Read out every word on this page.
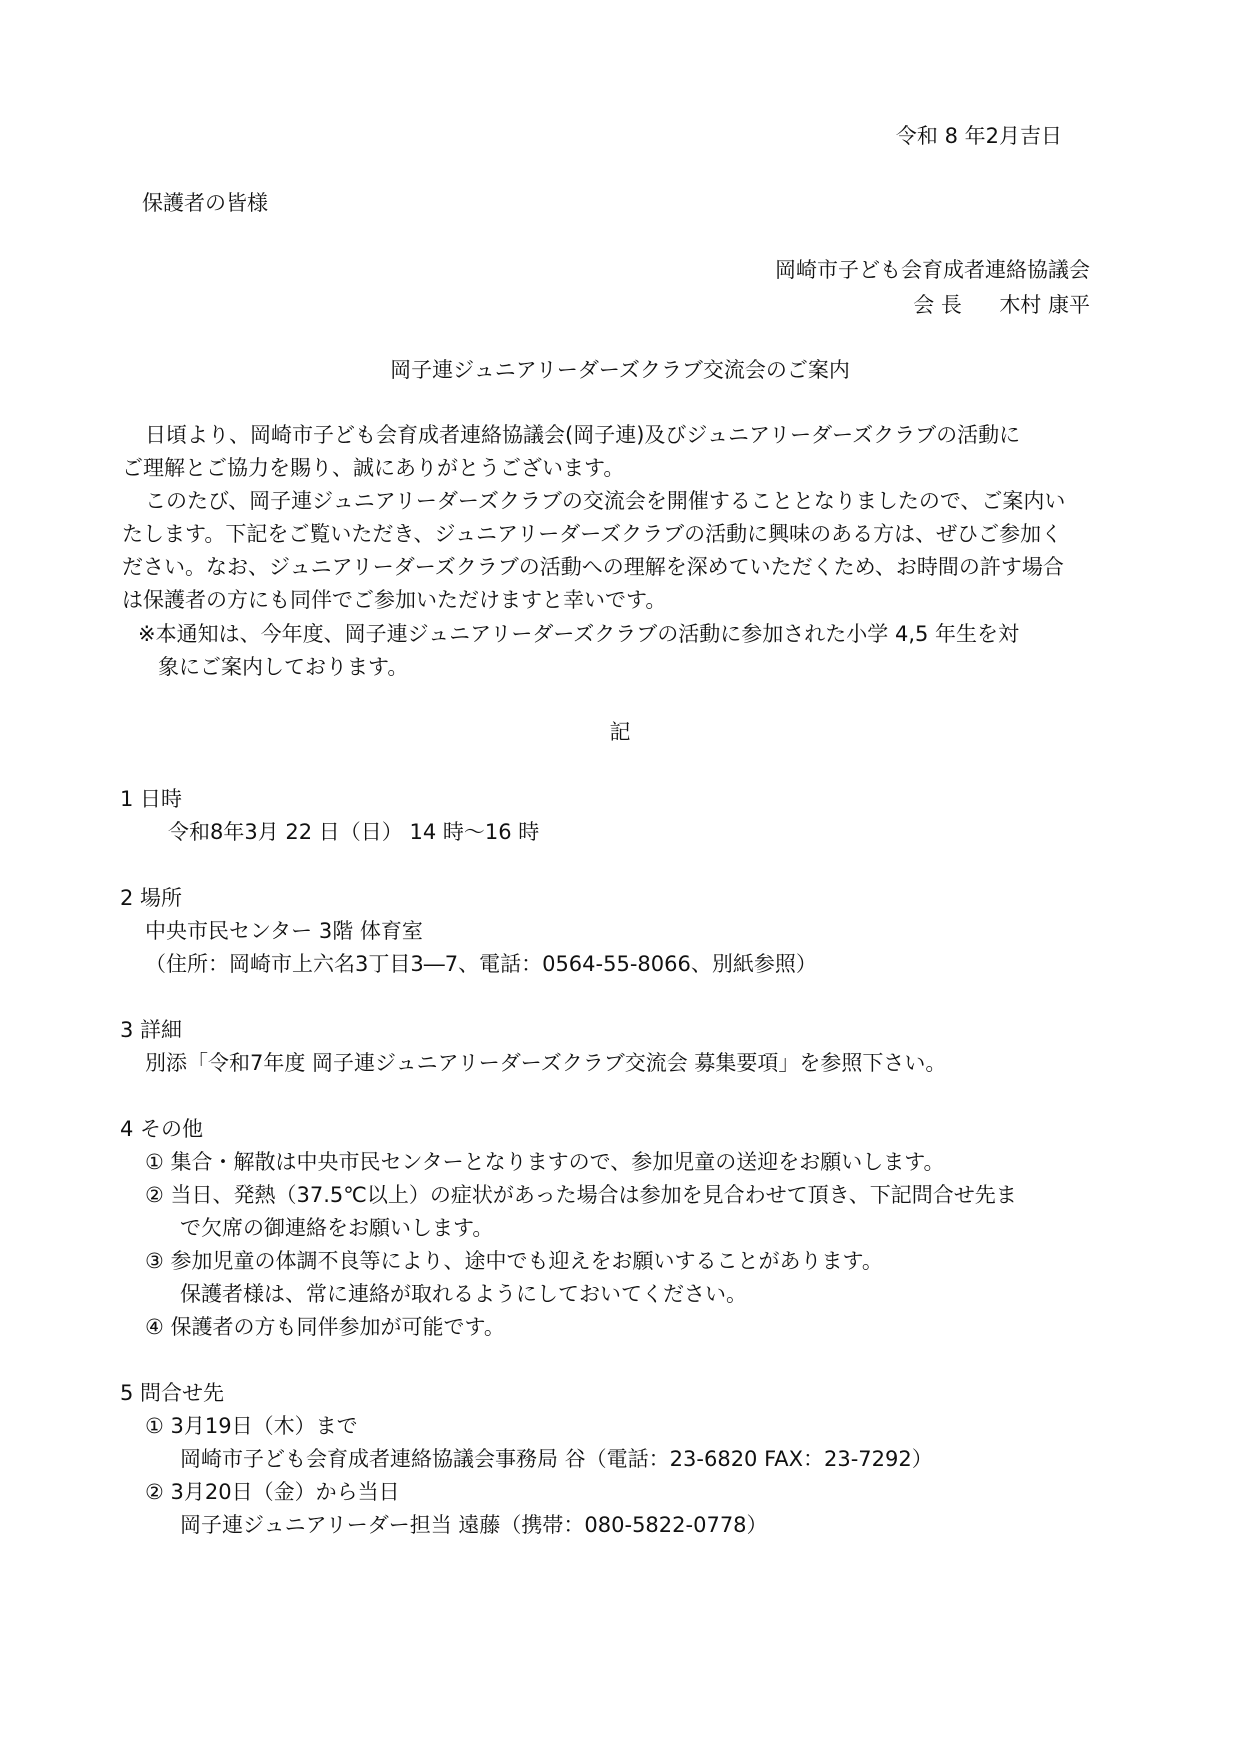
令和 8 年2月吉日
保護者の皆様
岡崎市子ども会育成者連絡協議会
会 長 木村 康平
岡子連ジュニアリーダーズクラブ交流会のご案内
日頃より、岡崎市子ども会育成者連絡協議会(岡子連)及びジュニアリーダーズクラブの活動に
ご理解とご協力を賜り、誠にありがとうございます。
このたび、岡子連ジュニアリーダーズクラブの交流会を開催することとなりましたので、ご案内い
たします。下記をご覧いただき、ジュニアリーダーズクラブの活動に興味のある方は、ぜひご参加く
ださい。なお、ジュニアリーダーズクラブの活動への理解を深めていただくため、お時間の許す場合
は保護者の方にも同伴でご参加いただけますと幸いです。
※本通知は、今年度、岡子連ジュニアリーダーズクラブの活動に参加された小学 4,5 年生を対
象にご案内しております。
記
1 日時
令和8年3月 22 日（日） 14 時～16 時
2 場所
中央市民センター 3階 体育室
（住所：岡崎市上六名3丁目3―7、電話：0564-55-8066、別紙参照）
3 詳細
別添「令和7年度 岡子連ジュニアリーダーズクラブ交流会 募集要項」を参照下さい。
4 その他
① 集合・解散は中央市民センターとなりますので、参加児童の送迎をお願いします。
② 当日、発熱（37.5℃以上）の症状があった場合は参加を見合わせて頂き、下記問合せ先ま
で欠席の御連絡をお願いします。
③ 参加児童の体調不良等により、途中でも迎えをお願いすることがあります。
保護者様は、常に連絡が取れるようにしておいてください。
④ 保護者の方も同伴参加が可能です。
5 問合せ先
① 3月19日（木）まで
岡崎市子ども会育成者連絡協議会事務局 谷（電話：23-6820 FAX：23-7292）
② 3月20日（金）から当日
岡子連ジュニアリーダー担当 遠藤（携帯：080-5822-0778）
